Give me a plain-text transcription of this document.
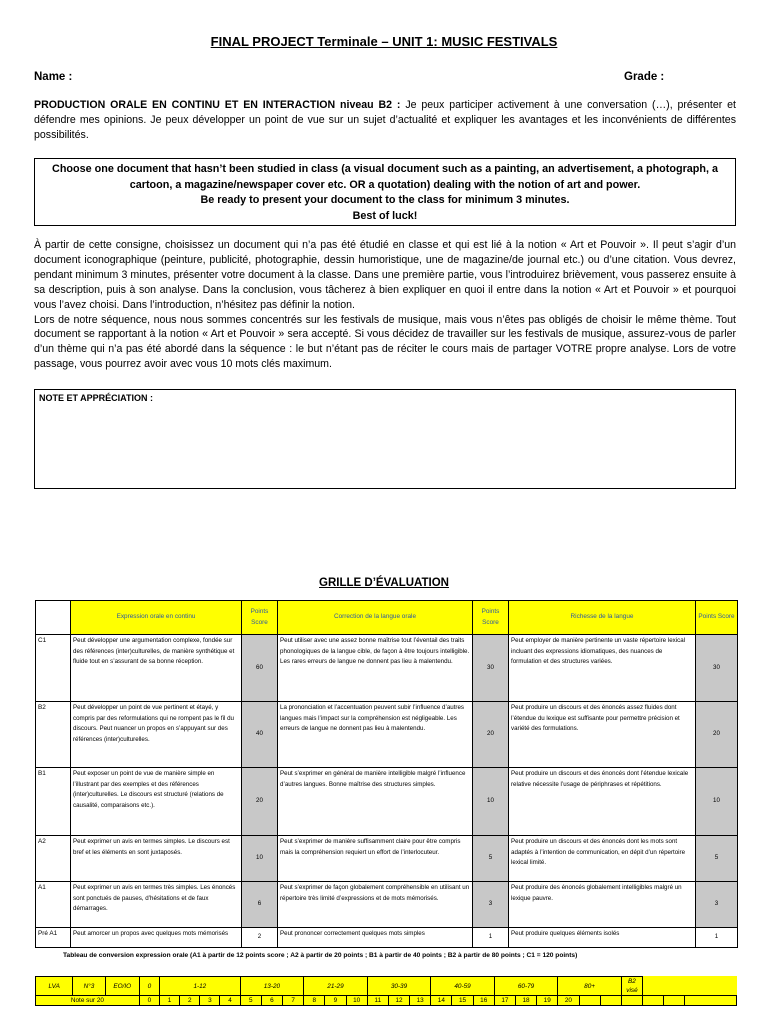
FINAL PROJECT Terminale – UNIT 1: MUSIC FESTIVALS
Name :	Grade :
PRODUCTION ORALE EN CONTINU ET EN INTERACTION niveau B2 : Je peux participer activement à une conversation (…), présenter et défendre mes opinions. Je peux développer un point de vue sur un sujet d’actualité et expliquer les avantages et les inconvénients de différentes possibilités.
Choose one document that hasn’t been studied in class (a visual document such as a painting, an advertisement, a photograph, a cartoon, a magazine/newspaper cover etc. OR a quotation) dealing with the notion of art and power.
Be ready to present your document to the class for minimum 3 minutes.
Best of luck!
À partir de cette consigne, choisissez un document qui n’a pas été étudié en classe et qui est lié à la notion « Art et Pouvoir ». Il peut s’agir d’un document iconographique (peinture, publicité, photographie, dessin humoristique, une de magazine/de journal etc.) ou d’une citation. Vous devrez, pendant minimum 3 minutes, présenter votre document à la classe. Dans une première partie, vous l’introduirez brièvement, vous passerez ensuite à sa description, puis à son analyse. Dans la conclusion, vous tâcherez à bien expliquer en quoi il entre dans la notion « Art et Pouvoir » et pourquoi vous l’avez choisi. Dans l’introduction, n’hésitez pas définir la notion.
Lors de notre séquence, nous nous sommes concentrés sur les festivals de musique, mais vous n’êtes pas obligés de choisir le même thème. Tout document se rapportant à la notion « Art et Pouvoir » sera accepté. Si vous décidez de travailler sur les festivals de musique, assurez-vous de parler d’un thème qui n’a pas été abordé dans la séquence : le but n’étant pas de réciter le cours mais de partager VOTRE propre analyse. Lors de votre passage, vous pourrez avoir avec vous 10 mots clés maximum.
NOTE ET APPRÉCIATION :
GRILLE D’ÉVALUATION
	Expression orale en continu	Points Score	Correction de la langue orale	Points Score	Richesse de la langue	Points Score
C1	Peut développer une argumentation complexe, fondée sur des références (inter)culturelles, de manière synthétique et fluide tout en s’assurant de sa bonne réception.	60	Peut utiliser avec une assez bonne maîtrise tout l’éventail des traits phonologiques de la langue cible, de façon à être toujours intelligible. Les rares erreurs de langue ne donnent pas lieu à malentendu.	30	Peut employer de manière pertinente un vaste répertoire lexical incluant des expressions idiomatiques, des nuances de formulation et des structures variées.	30
B2	Peut développer un point de vue pertinent et étayé, y compris par des reformulations qui ne rompent pas le fil du discours. Peut nuancer un propos en s’appuyant sur des références (inter)culturelles.	40	La prononciation et l’accentuation peuvent subir l’influence d’autres langues mais l’impact sur la compréhension est négligeable. Les erreurs de langue ne donnent pas lieu à malentendu.	20	Peut produire un discours et des énoncés assez fluides dont l’étendue du lexique est suffisante pour permettre précision et variété des formulations.	20
B1	Peut exposer un point de vue de manière simple en l’illustrant par des exemples et des références (inter)culturelles. Le discours est structuré (relations de causalité, comparaisons etc.).	20	Peut s’exprimer en général de manière intelligible malgré l’influence d’autres langues. Bonne maîtrise des structures simples.	10	Peut produire un discours et des énoncés dont l’étendue lexicale relative nécessite l’usage de périphrases et répétitions.	10
A2	Peut exprimer un avis en termes simples. Le discours est bref et les éléments en sont juxtaposés.	10	Peut s’exprimer de manière suffisamment claire pour être compris mais la compréhension requiert un effort de l’interlocuteur.	5	Peut produire un discours et des énoncés dont les mots sont adaptés à l’intention de communication, en dépit d’un répertoire lexical limité.	5
A1	Peut exprimer un avis en termes très simples. Les énoncés sont ponctués de pauses, d’hésitations et de faux démarrages.	6	Peut s’exprimer de façon globalement compréhensible en utilisant un répertoire très limité d’expressions et de mots mémorisés.	3	Peut produire des énoncés globalement intelligibles malgré un lexique pauvre.	3
Pré A1	Peut amorcer un propos avec quelques mots mémorisés	2	Peut prononcer correctement quelques mots simples	1	Peut produire quelques éléments isolés	1
Tableau de conversion expression orale (A1 à partir de 12 points score ; A2 à partir de 20 points ; B1 à partir de 40 points ; B2 à partir de 80 points ; C1 = 120 points)
LVA	N°3	EO/IO	0	1-12				13-20			21-29			30-39			40-59			60-79			80+			B2 visé			
Note sur 20			0	1	2	3	4	5	6	7	8	9	10	11	12	13	14	15	16	17	18	19	20						
